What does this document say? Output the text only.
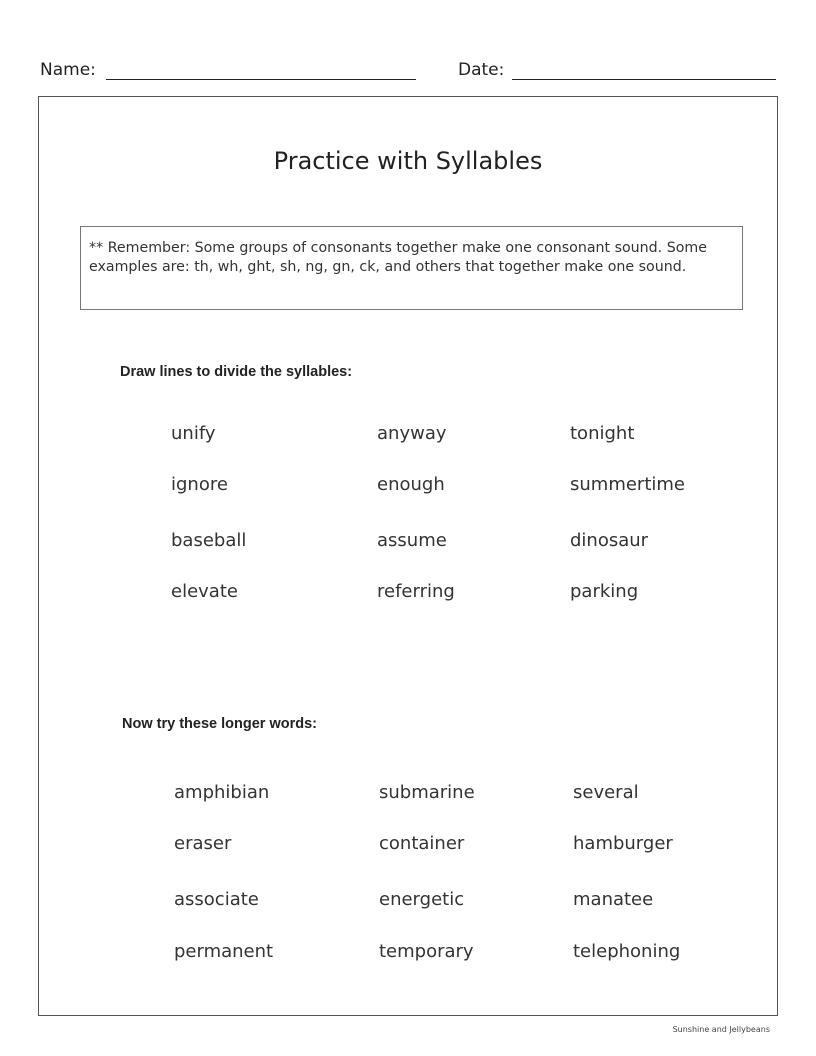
Name:	Date:
Practice with Syllables
** Remember: Some groups of consonants together make one consonant sound. Some examples are: th, wh, ght, sh, ng, gn, ck, and others that together make one sound.
Draw lines to divide the syllables:
unify	anyway	tonight
ignore	enough	summertime
baseball	assume	dinosaur
elevate	referring	parking
Now try these longer words:
amphibian	submarine	several
eraser	container	hamburger
associate	energetic	manatee
permanent	temporary	telephoning
Sunshine and Jellybeans
